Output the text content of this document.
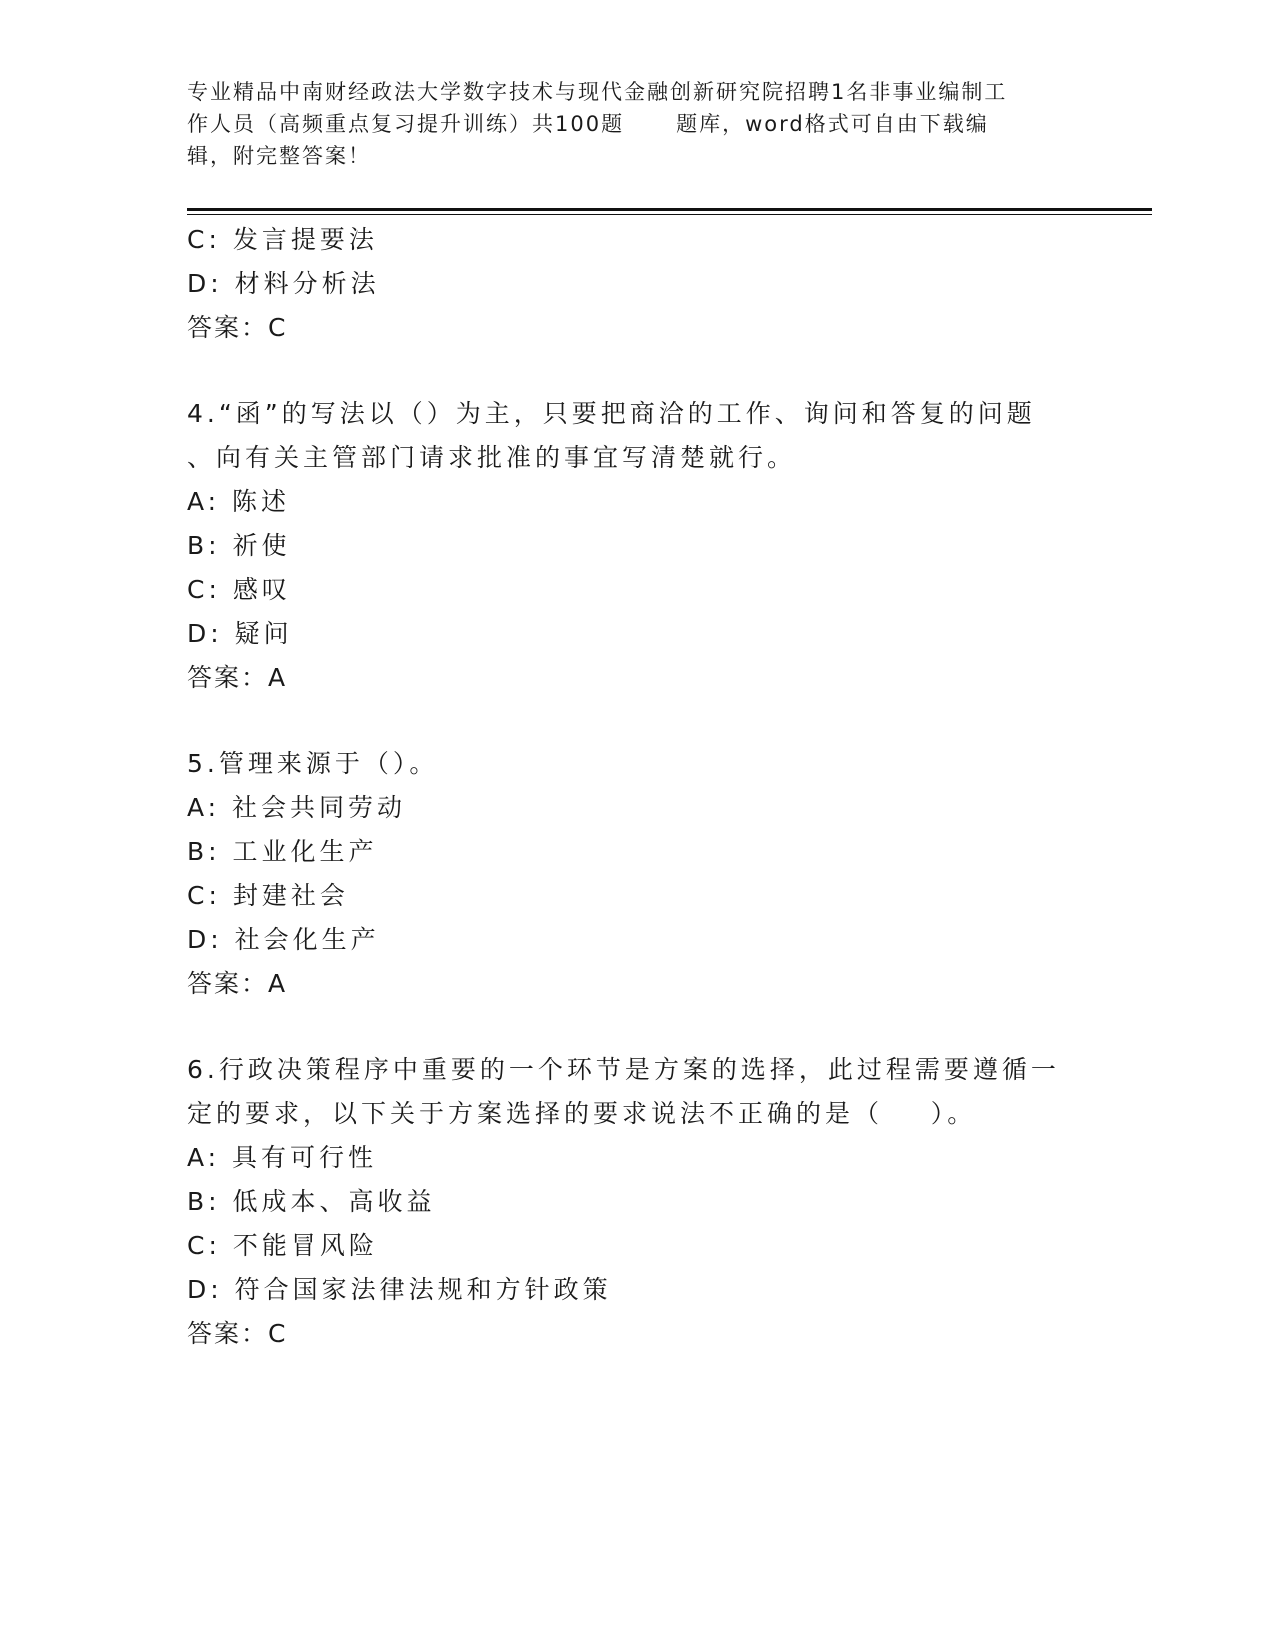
专业精品中南财经政法大学数字技术与现代金融创新研究院招聘1名非事业编制工
作人员（高频重点复习提升训练）共100题      题库，word格式可自由下载编
辑，附完整答案！
C: 发言提要法
D: 材料分析法
答案：C
4.“函”的写法以（）为主，只要把商洽的工作、询问和答复的问题
、向有关主管部门请求批准的事宜写清楚就行。
A: 陈述
B: 祈使
C: 感叹
D: 疑问
答案：A
5.管理来源于（）。
A: 社会共同劳动
B: 工业化生产
C: 封建社会
D: 社会化生产
答案：A
6.行政决策程序中重要的一个环节是方案的选择，此过程需要遵循一
定的要求，以下关于方案选择的要求说法不正确的是（    ）。
A: 具有可行性
B: 低成本、高收益
C: 不能冒风险
D: 符合国家法律法规和方针政策
答案：C
